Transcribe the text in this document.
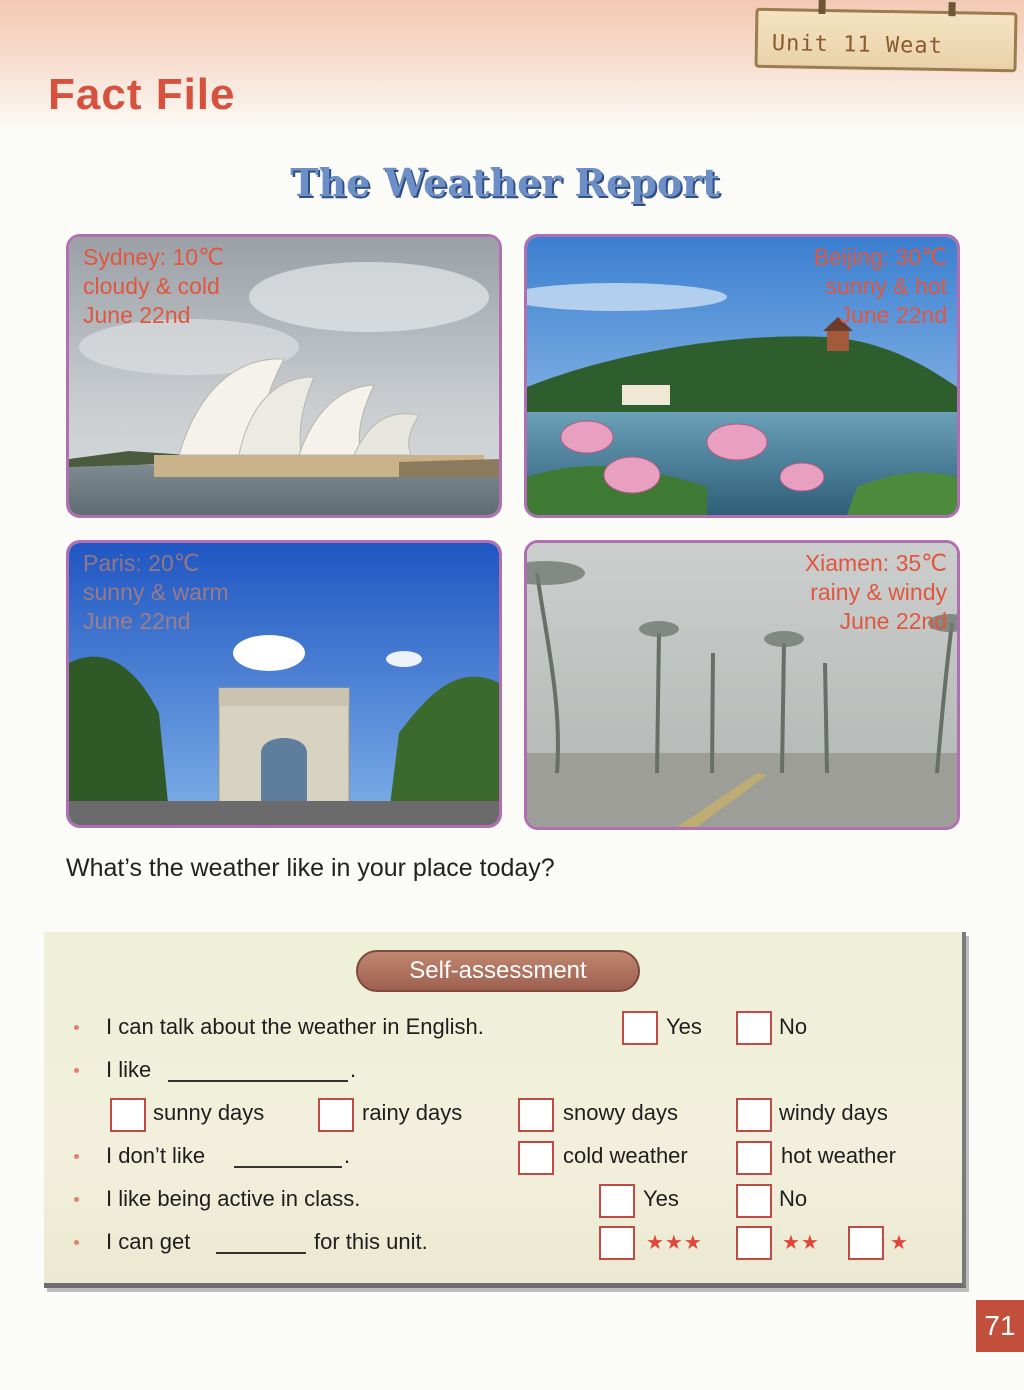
Unit 11 Weat
Fact File
The Weather Report
Sydney: 10℃
cloudy & cold
June 22nd
Beijing: 30℃
sunny & hot
June 22nd
Paris: 20℃
sunny & warm
June 22nd
Xiamen: 35℃
rainy & windy
June 22nd
What’s the weather like in your place today?
Self-assessment
I can talk about the weather in English.	Yes	No
I like	.
sunny days	rainy days	snowy days	windy days
I don’t like	.	cold weather	hot weather
I like being active in class.	Yes	No
I can get	for this unit.	★★★	★★	★
71
